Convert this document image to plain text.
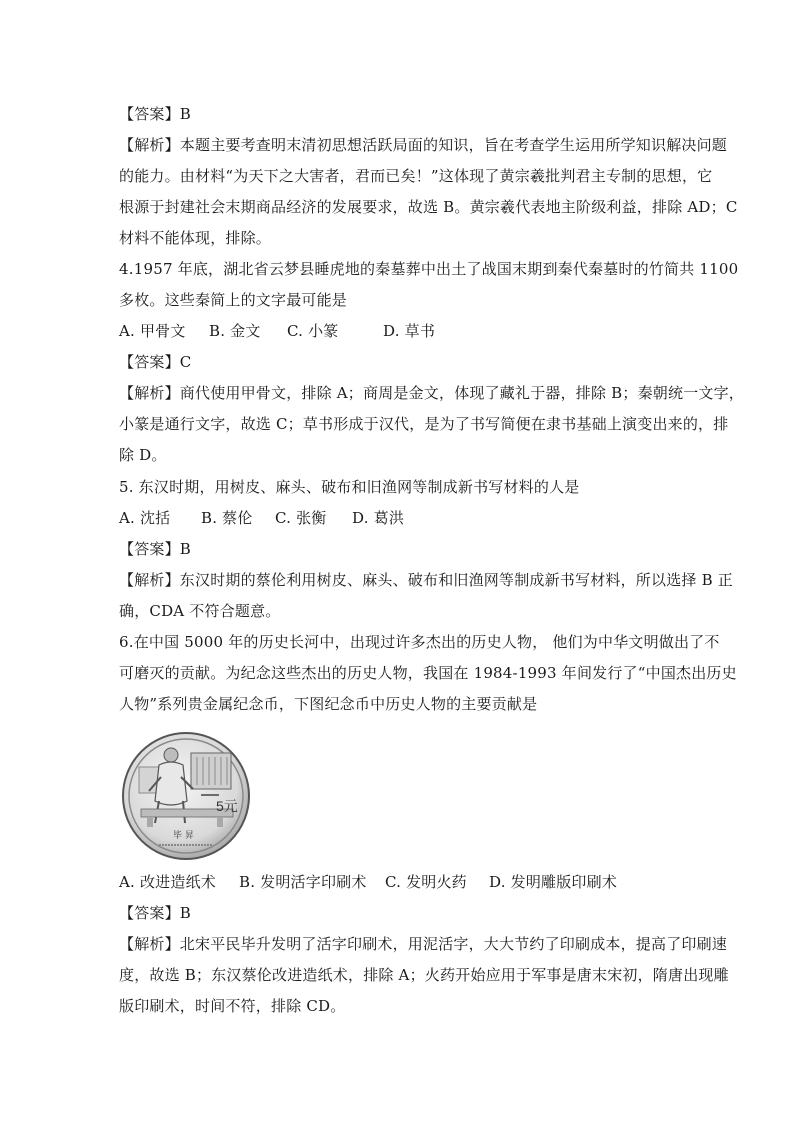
【答案】B
【解析】本题主要考查明末清初思想活跃局面的知识，旨在考查学生运用所学知识解决问题
的能力。由材料“为天下之大害者，君而已矣！”这体现了黄宗羲批判君主专制的思想，它
根源于封建社会末期商品经济的发展要求，故选 B。黄宗羲代表地主阶级利益，排除 AD；C
材料不能体现，排除。
4.1957 年底，湖北省云梦县睡虎地的秦墓葬中出土了战国末期到秦代秦墓时的竹简共 1100
多枚。这些秦简上的文字最可能是
A. 甲骨文 B. 金文 C. 小篆	D. 草书
【答案】C
【解析】商代使用甲骨文，排除 A；商周是金文，体现了藏礼于器，排除 B；秦朝统一文字，
小篆是通行文字，故选 C；草书形成于汉代，是为了书写简便在隶书基础上演变出来的，排
除 D。
5. 东汉时期，用树皮、麻头、破布和旧渔网等制成新书写材料的人是
A. 沈括 B. 蔡伦 C. 张衡 D. 葛洪
【答案】B
【解析】东汉时期的蔡伦利用树皮、麻头、破布和旧渔网等制成新书写材料，所以选择 B 正
确，CDA 不符合题意。
6.在中国 5000 年的历史长河中，出现过许多杰出的历史人物， 他们为中华文明做出了不
可磨灭的贡献。为纪念这些杰出的历史人物，我国在 1984-1993 年间发行了“中国杰出历史
人物”系列贵金属纪念币，下图纪念币中历史人物的主要贡献是
5元
毕 昇
A. 改进造纸术 B. 发明活字印刷术 C. 发明火药 D. 发明雕版印刷术
【答案】B
【解析】北宋平民毕升发明了活字印刷术，用泥活字，大大节约了印刷成本，提高了印刷速
度，故选 B；东汉蔡伦改进造纸术，排除 A；火药开始应用于军事是唐末宋初，隋唐出现雕
版印刷术，时间不符，排除 CD。
